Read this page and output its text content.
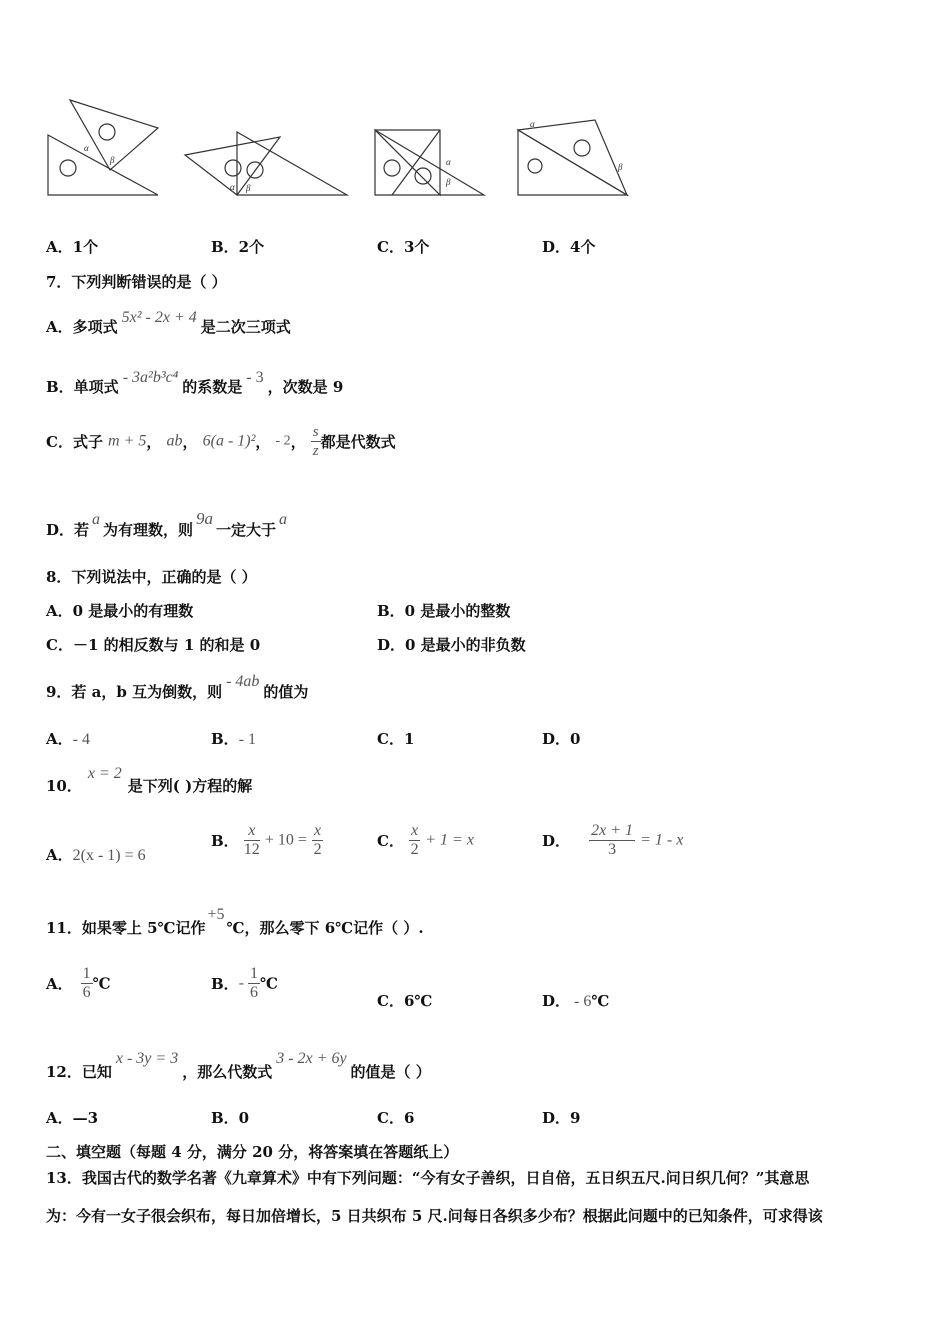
α
β
α β
α
β
α
β
A．1个	B．2个	C．3个	D．4个
7．下列判断错误的是（ ）
A．多项式5x² - 2x + 4是二次三项式
B．单项式- 3a²b³c⁴的系数是- 3，次数是 9
C．式子 m + 5， ab， 6(a - 1)²， - 2， $\frac{s}{z}$ 都是代数式
D．若a为有理数，则9a一定大于a
8．下列说法中，正确的是（ ）
A．0 是最小的有理数	B．0 是最小的整数
C．－1 的相反数与 1 的和是 0	D．0 是最小的非负数
9．若 a，b 互为倒数，则- 4ab的值为
A．- 4	B．- 1	C．1	D．0
10．x = 2是下列( )方程的解
A．2(x - 1) = 6
B． $\frac{x}{12} + 10 = \frac{x}{2}$	C． $\frac{x}{2} + 1 = x$	D． $\frac{2x + 1}{3} = 1 - x$
11．如果零上 5℃记作+5℃，那么零下 6℃记作（ ）.
A． $\frac{1}{6}$ ℃	B．- $\frac{1}{6}$ ℃
C．6℃	D． - 6℃
12．已知x - 3y = 3，那么代数式3 - 2x + 6y的值是（ ）
A．—3	B．0	C．6	D．9
二、填空题（每题 4 分，满分 20 分，将答案填在答题纸上）
13．我国古代的数学名著《九章算术》中有下列问题：“今有女子善织，日自倍，五日织五尺.问日织几何？”其意思
为：今有一女子很会织布，每日加倍增长，5 日共织布 5 尺.问每日各织多少布？根据此问题中的已知条件，可求得该
